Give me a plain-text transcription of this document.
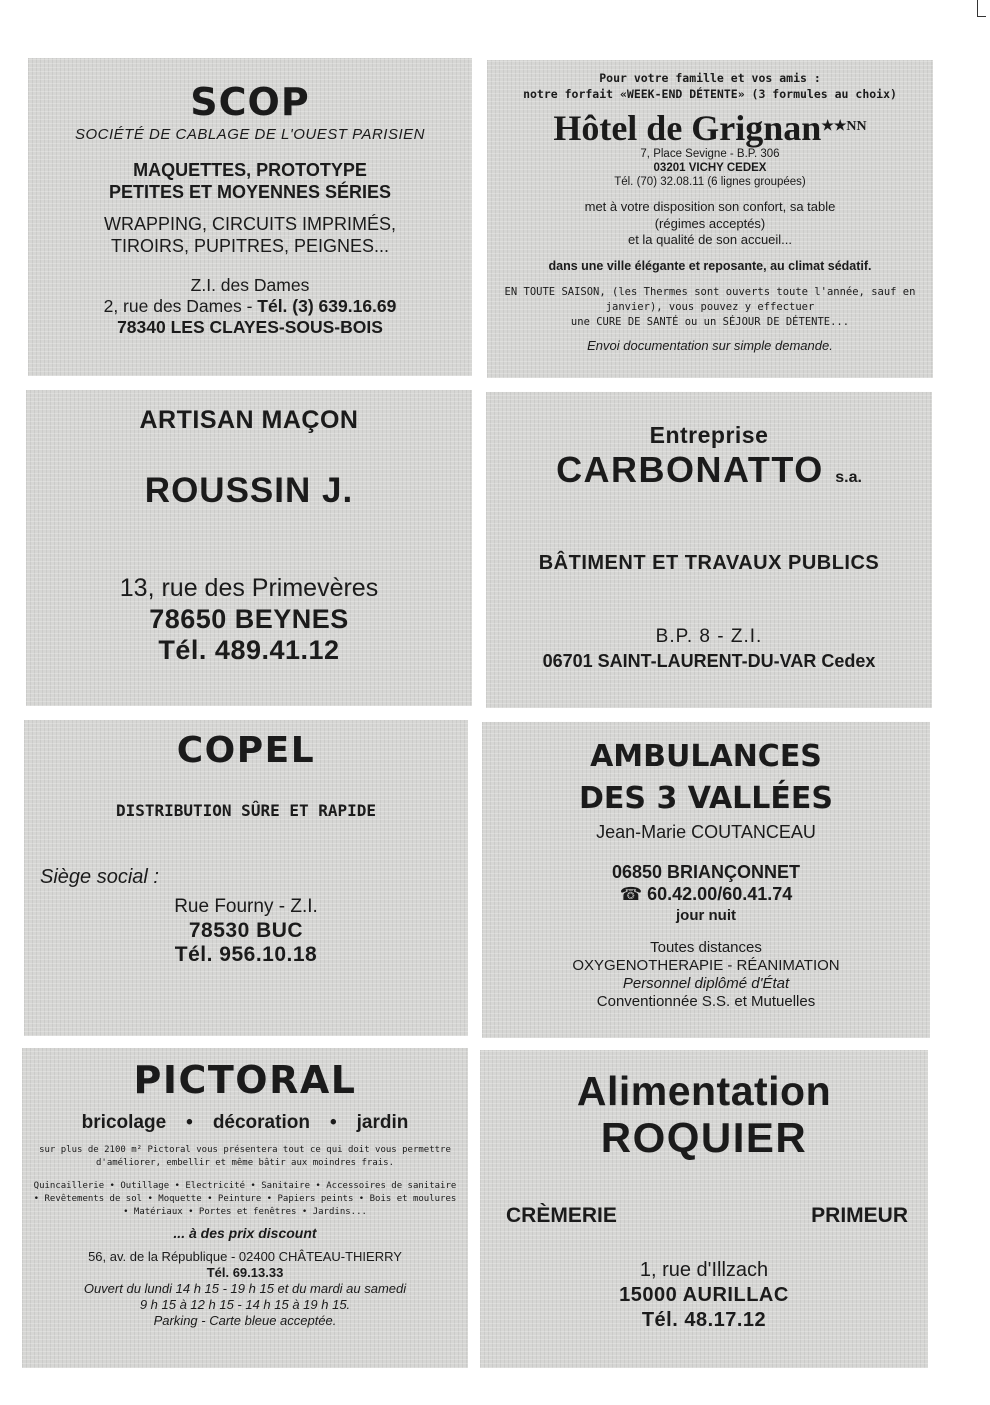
SCOP
SOCIÉTÉ DE CABLAGE DE L'OUEST PARISIEN
MAQUETTES, PROTOTYPE
PETITES ET MOYENNES SÉRIES
WRAPPING, CIRCUITS IMPRIMÉS,
TIROIRS, PUPITRES, PEIGNES...
Z.I. des Dames
2, rue des Dames - Tél. (3) 639.16.69
78340 LES CLAYES-SOUS-BOIS
Pour votre famille et vos amis :
notre forfait «WEEK-END DÉTENTE» (3 formules au choix)
Hôtel de Grignan$^{★★NN}$
7, Place Sevigne - B.P. 306
03201 VICHY CEDEX
Tél. (70) 32.08.11 (6 lignes groupées)
met à votre disposition son confort, sa table
(régimes acceptés)
et la qualité de son accueil...
dans une ville élégante et reposante, au climat sédatif.
EN TOUTE SAISON, (les Thermes sont ouverts toute l'année, sauf en
janvier), vous pouvez y effectuer
une CURE DE SANTÉ ou un SÉJOUR DE DÉTENTE...
Envoi documentation sur simple demande.
ARTISAN MAÇON
ROUSSIN J.
13, rue des Primevères
78650 BEYNES
Tél. 489.41.12
Entreprise
CARBONATTO s.a.
BÂTIMENT ET TRAVAUX PUBLICS
B.P. 8 - Z.I.
06701 SAINT-LAURENT-DU-VAR Cedex
COPEL
DISTRIBUTION SÛRE ET RAPIDE
Siège social :
Rue Fourny - Z.I.
78530 BUC
Tél. 956.10.18
AMBULANCES
DES 3 VALLÉES
Jean-Marie COUTANCEAU
06850 BRIANÇONNET
☎ 60.42.00/60.41.74
jour nuit
Toutes distances
OXYGENOTHERAPIE - RÉANIMATION
Personnel diplômé d'État
Conventionnée S.S. et Mutuelles
PICTORAL
bricolage • décoration • jardin
sur plus de 2100 m² Pictoral vous présentera tout ce qui doit vous permettre
d'améliorer, embellir et même bâtir aux moindres frais.
Quincaillerie • Outillage • Electricité • Sanitaire • Accessoires de sanitaire
• Revêtements de sol • Moquette • Peinture • Papiers peints • Bois et moulures
• Matériaux • Portes et fenêtres • Jardins...
... à des prix discount
56, av. de la République - 02400 CHÂTEAU-THIERRY
Tél. 69.13.33
Ouvert du lundi 14 h 15 - 19 h 15 et du mardi au samedi
9 h 15 à 12 h 15 - 14 h 15 à 19 h 15.
Parking - Carte bleue acceptée.
Alimentation
ROQUIER
CRÈMERIE	PRIMEUR
1, rue d'Illzach
15000 AURILLAC
Tél. 48.17.12
